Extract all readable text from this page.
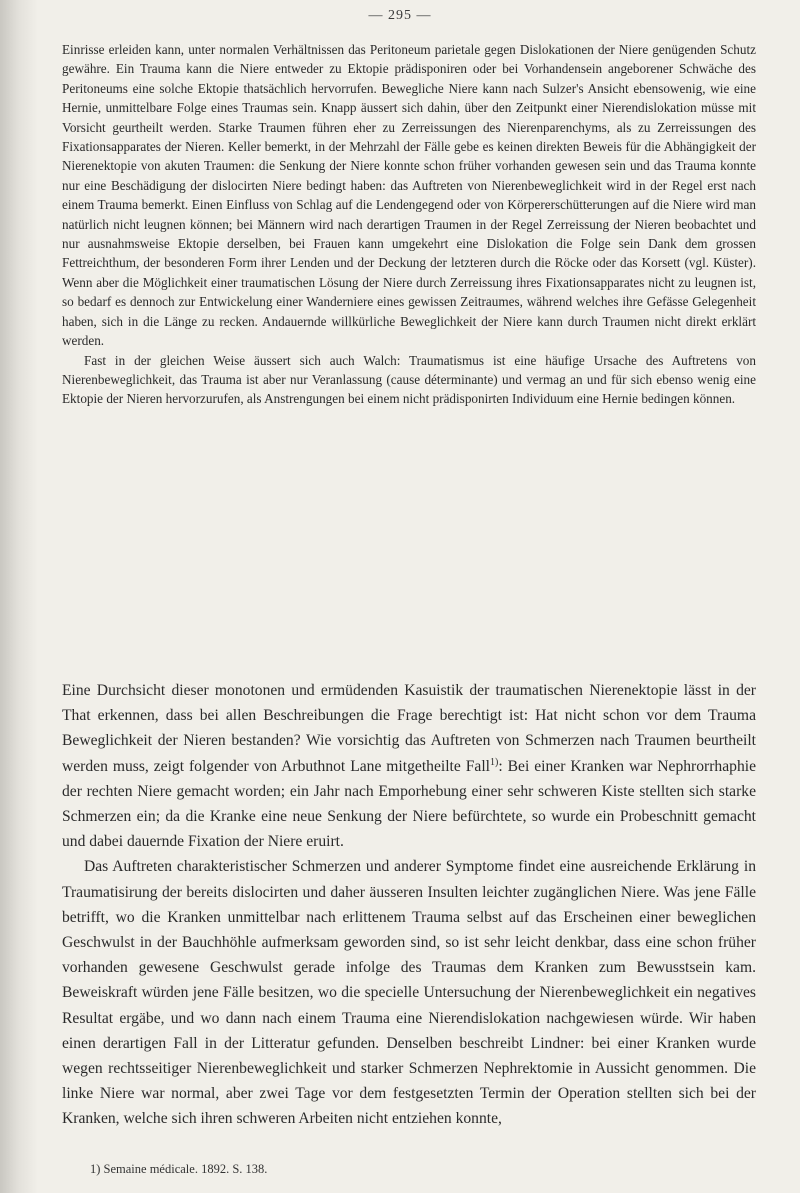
— 295 —

Einrisse erleiden kann, unter normalen Verhältnissen das Peritoneum parietale gegen Dislokationen der Niere genügenden Schutz gewähre. Ein Trauma kann die Niere entweder zu Ektopie prädisponiren oder bei Vorhandensein angeborener Schwäche des Peritoneums eine solche Ektopie thatsächlich hervorrufen. Bewegliche Niere kann nach Sulzer's Ansicht ebensowenig, wie eine Hernie, unmittelbare Folge eines Traumas sein. Knapp äussert sich dahin, über den Zeitpunkt einer Nierendislokation müsse mit Vorsicht geurtheilt werden. Starke Traumen führen eher zu Zerreissungen des Nierenparenchyms, als zu Zerreissungen des Fixationsapparates der Nieren. Keller bemerkt, in der Mehrzahl der Fälle gebe es keinen direkten Beweis für die Abhängigkeit der Nierenektopie von akuten Traumen: die Senkung der Niere konnte schon früher vorhanden gewesen sein und das Trauma konnte nur eine Beschädigung der dislocirten Niere bedingt haben: das Auftreten von Nierenbeweglichkeit wird in der Regel erst nach einem Trauma bemerkt. Einen Einfluss von Schlag auf die Lendengegend oder von Körpererschütterungen auf die Niere wird man natürlich nicht leugnen können; bei Männern wird nach derartigen Traumen in der Regel Zerreissung der Nieren beobachtet und nur ausnahmsweise Ektopie derselben, bei Frauen kann umgekehrt eine Dislokation die Folge sein Dank dem grossen Fettreichthum, der besonderen Form ihrer Lenden und der Deckung der letzteren durch die Röcke oder das Korsett (vgl. Küster). Wenn aber die Möglichkeit einer traumatischen Lösung der Niere durch Zerreissung ihres Fixationsapparates nicht zu leugnen ist, so bedarf es dennoch zur Entwickelung einer Wanderniere eines gewissen Zeitraumes, während welches ihre Gefässe Gelegenheit haben, sich in die Länge zu recken. Andauernde willkürliche Beweglichkeit der Niere kann durch Traumen nicht direkt erklärt werden.

Fast in der gleichen Weise äussert sich auch Walch: Traumatismus ist eine häufige Ursache des Auftretens von Nierenbeweglichkeit, das Trauma ist aber nur Veranlassung (cause déterminante) und vermag an und für sich ebenso wenig eine Ektopie der Nieren hervorzurufen, als Anstrengungen bei einem nicht prädisponirten Individuum eine Hernie bedingen können.

Eine Durchsicht dieser monotonen und ermüdenden Kasuistik der traumatischen Nierenektopie lässt in der That erkennen, dass bei allen Beschreibungen die Frage berechtigt ist: Hat nicht schon vor dem Trauma Beweglichkeit der Nieren bestanden? Wie vorsichtig das Auftreten von Schmerzen nach Traumen beurtheilt werden muss, zeigt folgender von Arbuthnot Lane mitgetheilte Fall$^{1)}$: Bei einer Kranken war Nephrorrhaphie der rechten Niere gemacht worden; ein Jahr nach Emporhebung einer sehr schweren Kiste stellten sich starke Schmerzen ein; da die Kranke eine neue Senkung der Niere befürchtete, so wurde ein Probeschnitt gemacht und dabei dauernde Fixation der Niere eruirt.

Das Auftreten charakteristischer Schmerzen und anderer Symptome findet eine ausreichende Erklärung in Traumatisirung der bereits dislocirten und daher äusseren Insulten leichter zugänglichen Niere. Was jene Fälle betrifft, wo die Kranken unmittelbar nach erlittenem Trauma selbst auf das Erscheinen einer beweglichen Geschwulst in der Bauchhöhle aufmerksam geworden sind, so ist sehr leicht denkbar, dass eine schon früher vorhanden gewesene Geschwulst gerade infolge des Traumas dem Kranken zum Bewusstsein kam. Beweiskraft würden jene Fälle besitzen, wo die specielle Untersuchung der Nierenbeweglichkeit ein negatives Resultat ergäbe, und wo dann nach einem Trauma eine Nierendislokation nachgewiesen würde. Wir haben einen derartigen Fall in der Litteratur gefunden. Denselben beschreibt Lindner: bei einer Kranken wurde wegen rechtsseitiger Nierenbeweglichkeit und starker Schmerzen Nephrektomie in Aussicht genommen. Die linke Niere war normal, aber zwei Tage vor dem festgesetzten Termin der Operation stellten sich bei der Kranken, welche sich ihren schweren Arbeiten nicht entziehen konnte,

1) Semaine médicale. 1892. S. 138.
